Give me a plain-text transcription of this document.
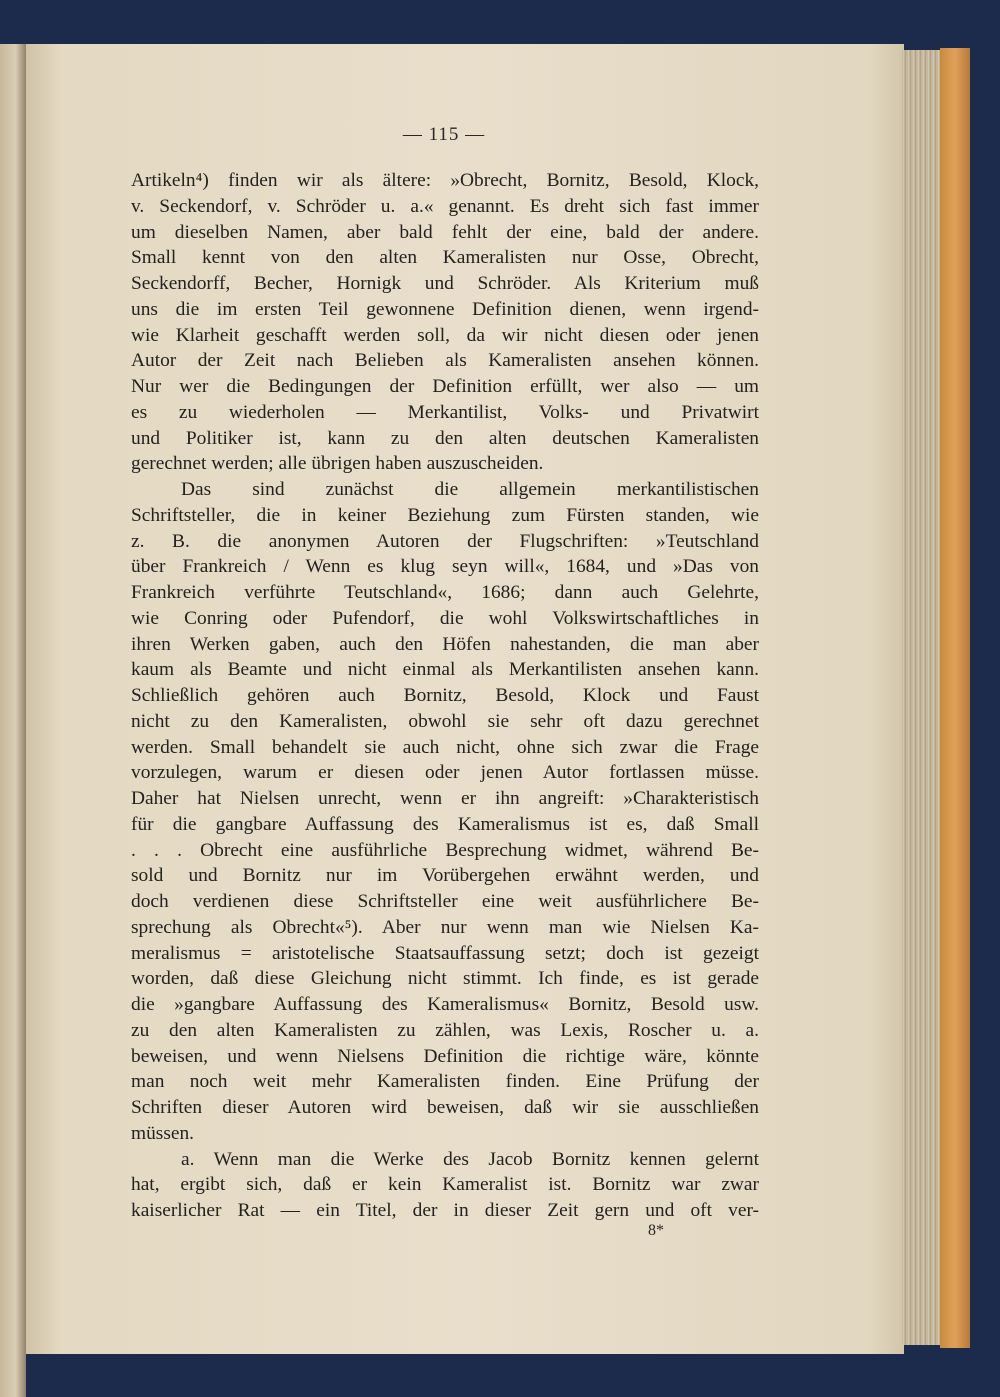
— 115 —
Artikeln⁴) finden wir als ältere: »Obrecht, Bornitz, Besold, Klock,
v. Seckendorf, v. Schröder u. a.« genannt. Es dreht sich fast immer
um dieselben Namen, aber bald fehlt der eine, bald der andere.
Small kennt von den alten Kameralisten nur Osse, Obrecht,
Seckendorff, Becher, Hornigk und Schröder. Als Kriterium muß
uns die im ersten Teil gewonnene Definition dienen, wenn irgend-
wie Klarheit geschafft werden soll, da wir nicht diesen oder jenen
Autor der Zeit nach Belieben als Kameralisten ansehen können.
Nur wer die Bedingungen der Definition erfüllt, wer also — um
es zu wiederholen — Merkantilist, Volks- und Privatwirt
und Politiker ist, kann zu den alten deutschen Kameralisten
gerechnet werden; alle übrigen haben auszuscheiden.
Das sind zunächst die allgemein merkantilistischen
Schriftsteller, die in keiner Beziehung zum Fürsten standen, wie
z. B. die anonymen Autoren der Flugschriften: »Teutschland
über Frankreich / Wenn es klug seyn will«, 1684, und »Das von
Frankreich verführte Teutschland«, 1686; dann auch Gelehrte,
wie Conring oder Pufendorf, die wohl Volkswirtschaftliches in
ihren Werken gaben, auch den Höfen nahestanden, die man aber
kaum als Beamte und nicht einmal als Merkantilisten ansehen kann.
Schließlich gehören auch Bornitz, Besold, Klock und Faust
nicht zu den Kameralisten, obwohl sie sehr oft dazu gerechnet
werden. Small behandelt sie auch nicht, ohne sich zwar die Frage
vorzulegen, warum er diesen oder jenen Autor fortlassen müsse.
Daher hat Nielsen unrecht, wenn er ihn angreift: »Charakteristisch
für die gangbare Auffassung des Kameralismus ist es, daß Small
. . . Obrecht eine ausführliche Besprechung widmet, während Be-
sold und Bornitz nur im Vorübergehen erwähnt werden, und
doch verdienen diese Schriftsteller eine weit ausführlichere Be-
sprechung als Obrecht«⁵). Aber nur wenn man wie Nielsen Ka-
meralismus = aristotelische Staatsauffassung setzt; doch ist gezeigt
worden, daß diese Gleichung nicht stimmt. Ich finde, es ist gerade
die »gangbare Auffassung des Kameralismus« Bornitz, Besold usw.
zu den alten Kameralisten zu zählen, was Lexis, Roscher u. a.
beweisen, und wenn Nielsens Definition die richtige wäre, könnte
man noch weit mehr Kameralisten finden. Eine Prüfung der
Schriften dieser Autoren wird beweisen, daß wir sie ausschließen
müssen.
a. Wenn man die Werke des Jacob Bornitz kennen gelernt
hat, ergibt sich, daß er kein Kameralist ist. Bornitz war zwar
kaiserlicher Rat — ein Titel, der in dieser Zeit gern und oft ver-
8*
